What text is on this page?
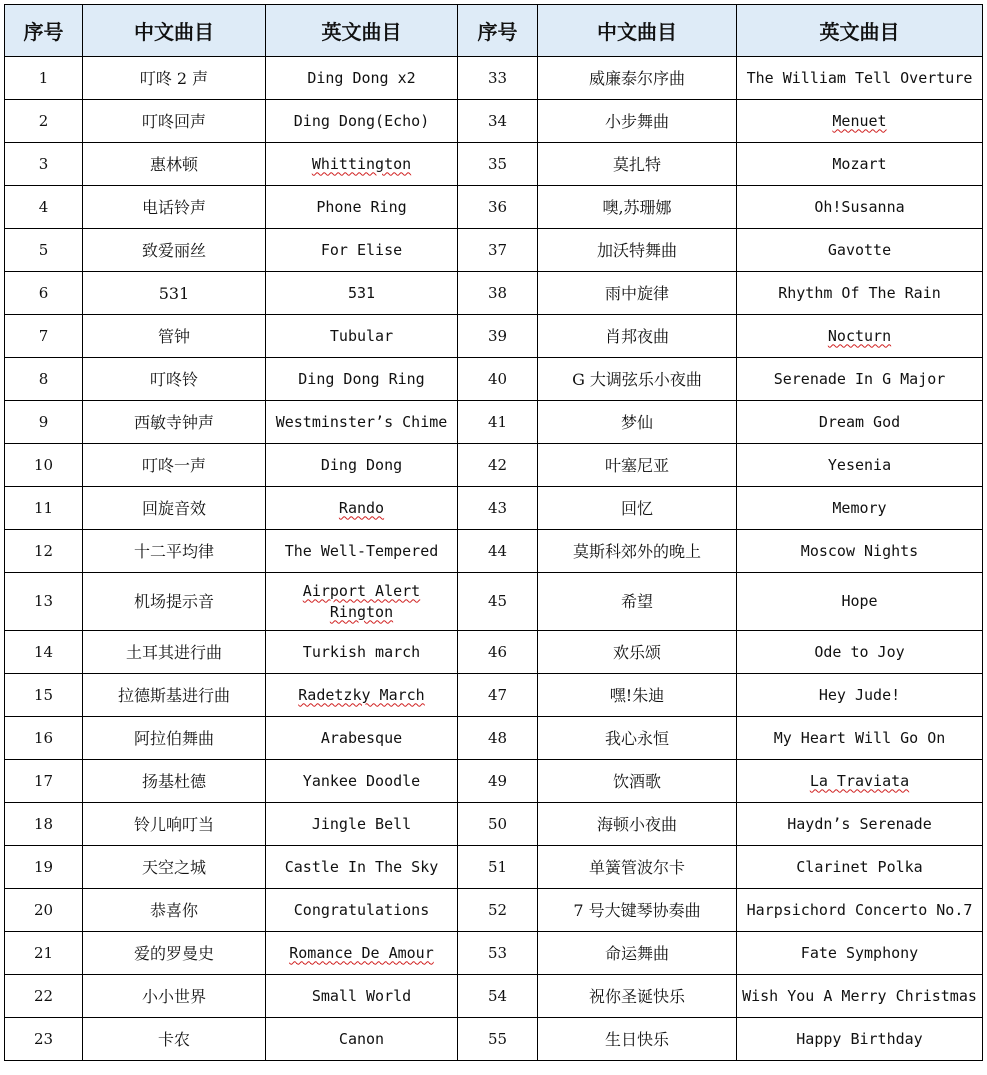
序号	中文曲目	英文曲目	序号	中文曲目	英文曲目
1	叮咚 2 声	Ding Dong x2	33	威廉泰尔序曲	The William Tell Overture
2	叮咚回声	Ding Dong(Echo)	34	小步舞曲	Menuet
3	惠林顿	Whittington	35	莫扎特	Mozart
4	电话铃声	Phone Ring	36	噢,苏珊娜	Oh!Susanna
5	致爱丽丝	For Elise	37	加沃特舞曲	Gavotte
6	531	531	38	雨中旋律	Rhythm Of The Rain
7	管钟	Tubular	39	肖邦夜曲	Nocturn
8	叮咚铃	Ding Dong Ring	40	G 大调弦乐小夜曲	Serenade In G Major
9	西敏寺钟声	Westminster’s Chime	41	梦仙	Dream God
10	叮咚一声	Ding Dong	42	叶塞尼亚	Yesenia
11	回旋音效	Rando	43	回忆	Memory
12	十二平均律	The Well-Tempered	44	莫斯科郊外的晚上	Moscow Nights
13	机场提示音	Airport Alert Rington	45	希望	Hope
14	土耳其进行曲	Turkish march	46	欢乐颂	Ode to Joy
15	拉德斯基进行曲	Radetzky March	47	嘿!朱迪	Hey Jude!
16	阿拉伯舞曲	Arabesque	48	我心永恒	My Heart Will Go On
17	扬基杜德	Yankee Doodle	49	饮酒歌	La Traviata
18	铃儿响叮当	Jingle Bell	50	海顿小夜曲	Haydn’s Serenade
19	天空之城	Castle In The Sky	51	单簧管波尔卡	Clarinet Polka
20	恭喜你	Congratulations	52	7 号大键琴协奏曲	Harpsichord Concerto No.7
21	爱的罗曼史	Romance De Amour	53	命运舞曲	Fate Symphony
22	小小世界	Small World	54	祝你圣诞快乐	Wish You A Merry Christmas
23	卡农	Canon	55	生日快乐	Happy Birthday
